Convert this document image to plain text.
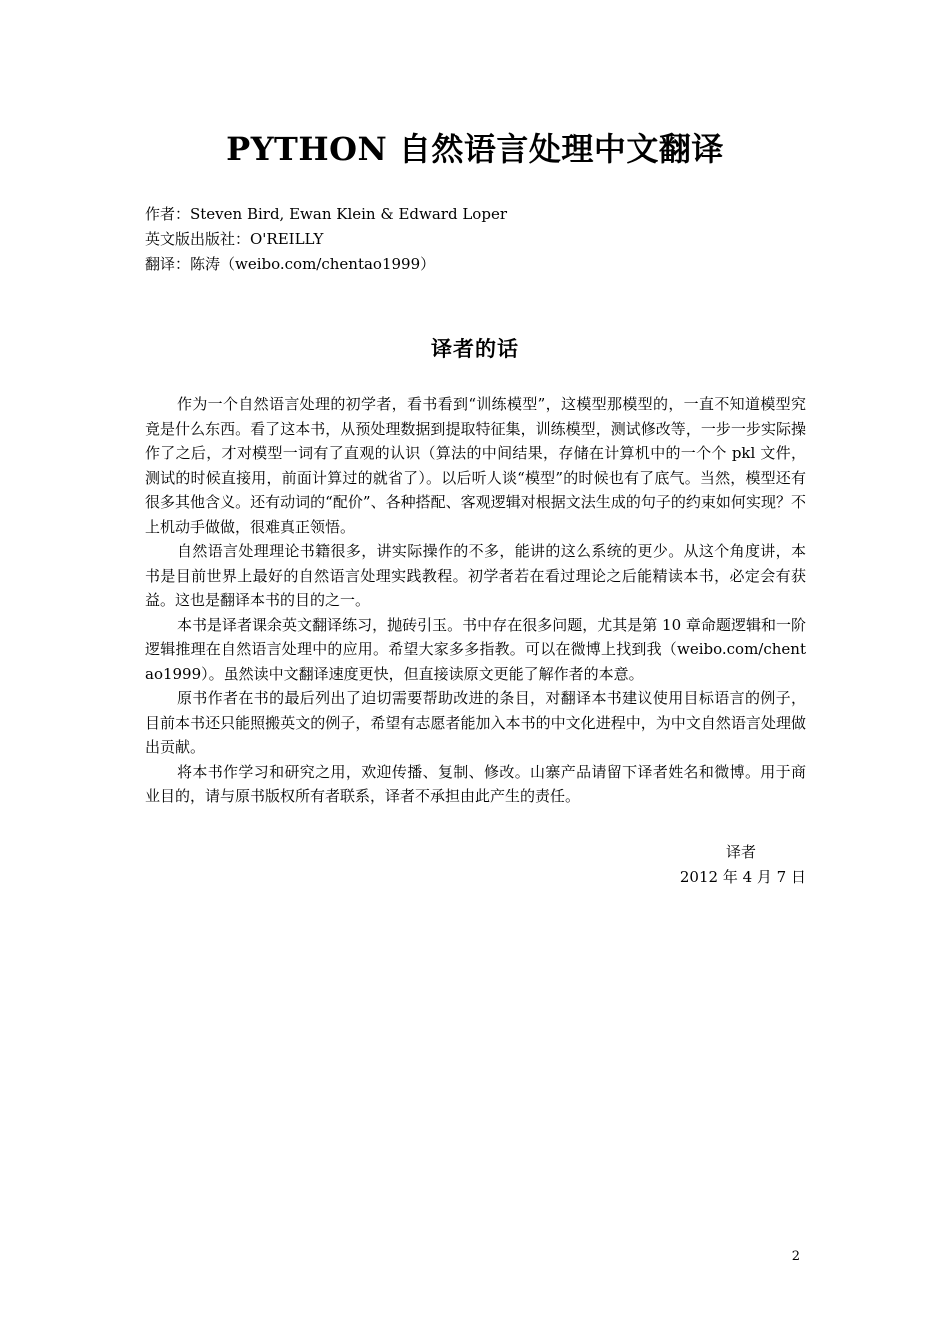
PYTHON 自然语言处理中文翻译
作者：Steven Bird, Ewan Klein & Edward Loper
英文版出版社：O'REILLY
翻译：陈涛（weibo.com/chentao1999）
译者的话

作为一个自然语言处理的初学者，看书看到“训练模型”，这模型那模型的，一直不知道模型究竟是什么东西。看了这本书，从预处理数据到提取特征集，训练模型，测试修改等，一步一步实际操作了之后，才对模型一词有了直观的认识（算法的中间结果，存储在计算机中的一个个 pkl 文件，测试的时候直接用，前面计算过的就省了）。以后听人谈“模型”的时候也有了底气。当然，模型还有很多其他含义。还有动词的“配价”、各种搭配、客观逻辑对根据文法生成的句子的约束如何实现？不上机动手做做，很难真正领悟。

自然语言处理理论书籍很多，讲实际操作的不多，能讲的这么系统的更少。从这个角度讲，本书是目前世界上最好的自然语言处理实践教程。初学者若在看过理论之后能精读本书，必定会有获益。这也是翻译本书的目的之一。

本书是译者课余英文翻译练习，抛砖引玉。书中存在很多问题，尤其是第 10 章命题逻辑和一阶逻辑推理在自然语言处理中的应用。希望大家多多指教。可以在微博上找到我（weibo.com/chentao1999）。虽然读中文翻译速度更快，但直接读原文更能了解作者的本意。

原书作者在书的最后列出了迫切需要帮助改进的条目，对翻译本书建议使用目标语言的例子，目前本书还只能照搬英文的例子，希望有志愿者能加入本书的中文化进程中，为中文自然语言处理做出贡献。

将本书作学习和研究之用，欢迎传播、复制、修改。山寨产品请留下译者姓名和微博。用于商业目的，请与原书版权所有者联系，译者不承担由此产生的责任。

译者
2012 年 4 月 7 日
2
